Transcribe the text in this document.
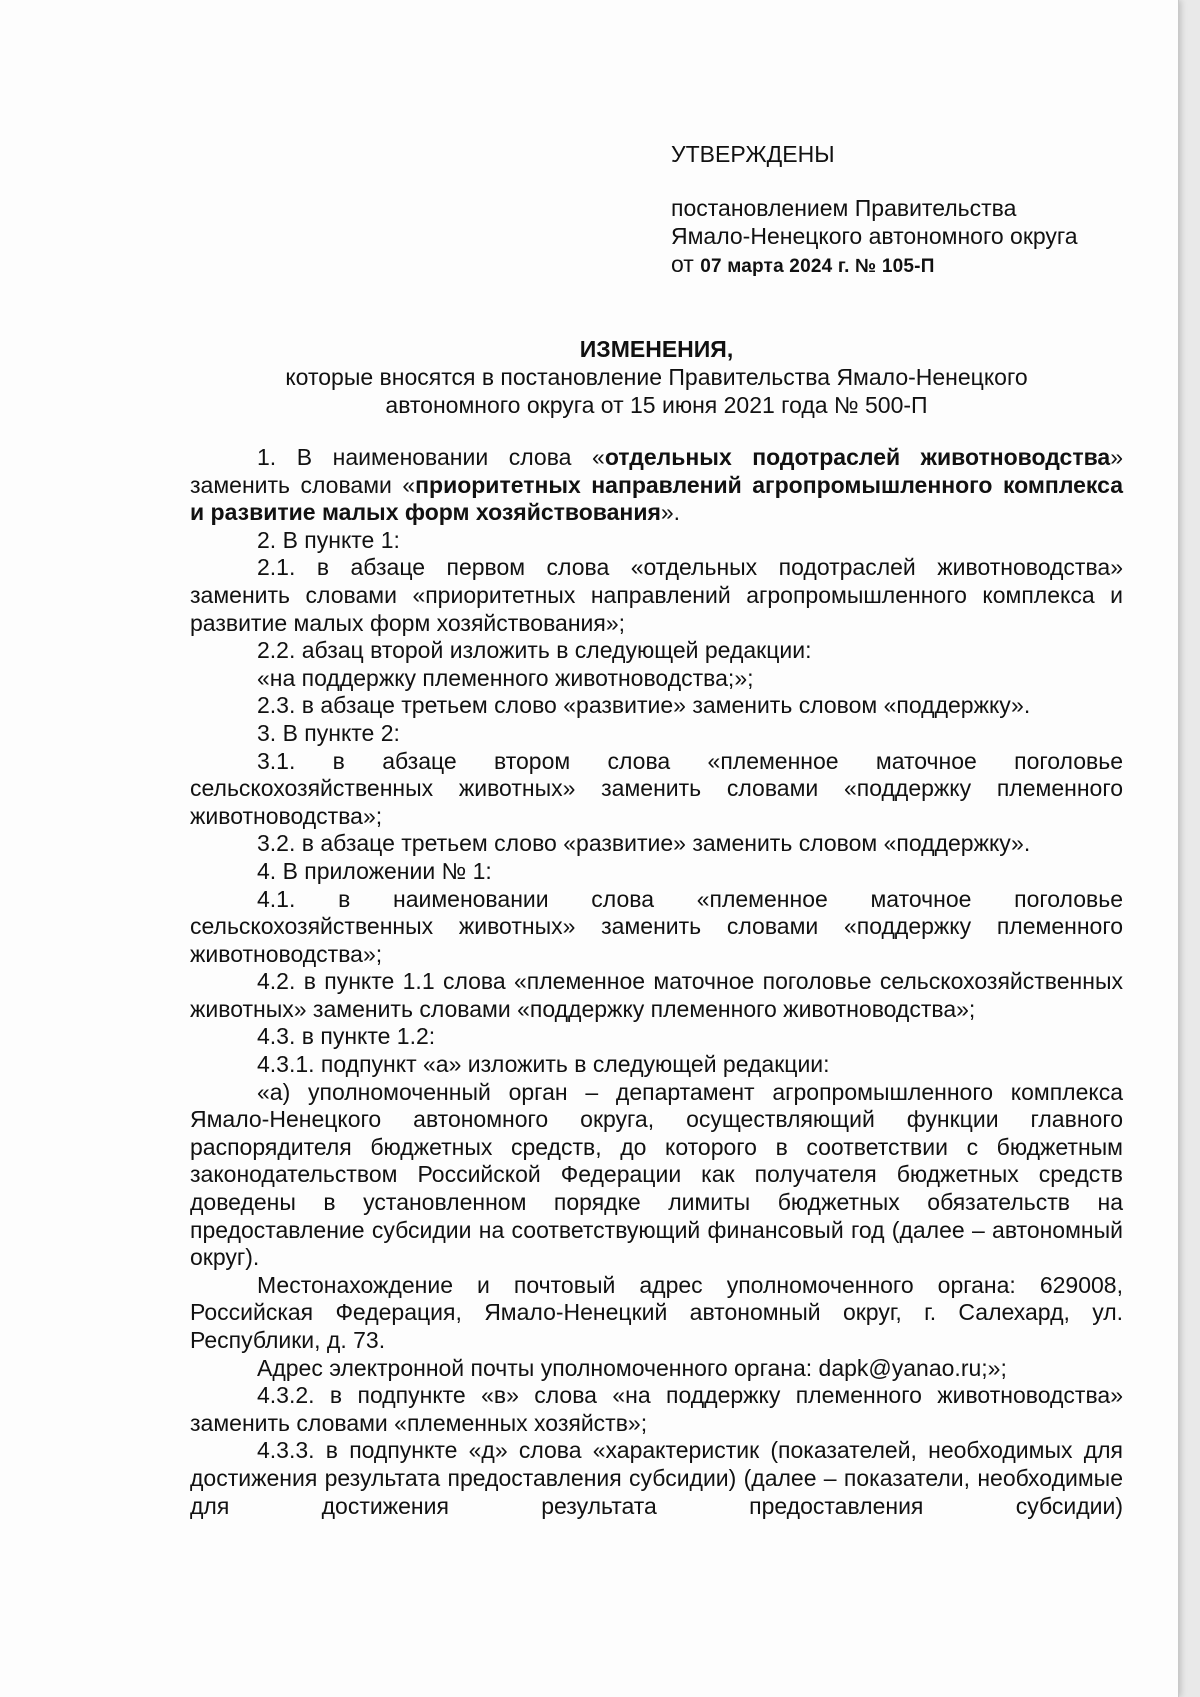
УТВЕРЖДЕНЫ
постановлением Правительства
Ямало-Ненецкого автономного округа
от 07 марта 2024 г. № 105-П
ИЗМЕНЕНИЯ,
которые вносятся в постановление Правительства Ямало-Ненецкого
автономного округа от 15 июня 2021 года № 500-П

1. В наименовании слова «отдельных подотраслей животноводства» заменить словами «приоритетных направлений агропромышленного комплекса и развитие малых форм хозяйствования».

2. В пункте 1:

2.1. в абзаце первом слова «отдельных подотраслей животноводства» заменить словами «приоритетных направлений агропромышленного комплекса и развитие малых форм хозяйствования»;

2.2. абзац второй изложить в следующей редакции:

«на поддержку племенного животноводства;»;

2.3. в абзаце третьем слово «развитие» заменить словом «поддержку».

3. В пункте 2:

3.1. в абзаце втором слова «племенное маточное поголовье сельскохозяйственных животных» заменить словами «поддержку племенного животноводства»;

3.2. в абзаце третьем слово «развитие» заменить словом «поддержку».

4. В приложении № 1:

4.1. в наименовании слова «племенное маточное поголовье сельскохозяйственных животных» заменить словами «поддержку племенного животноводства»;

4.2. в пункте 1.1 слова «племенное маточное поголовье сельскохозяйственных животных» заменить словами «поддержку племенного животноводства»;

4.3. в пункте 1.2:

4.3.1. подпункт «а» изложить в следующей редакции:

«а) уполномоченный орган – департамент агропромышленного комплекса Ямало-Ненецкого автономного округа, осуществляющий функции главного распорядителя бюджетных средств, до которого в соответствии с бюджетным законодательством Российской Федерации как получателя бюджетных средств доведены в установленном порядке лимиты бюджетных обязательств на предоставление субсидии на соответствующий финансовый год (далее – автономный округ).

Местонахождение и почтовый адрес уполномоченного органа: 629008, Российская Федерация, Ямало-Ненецкий автономный округ, г. Салехард, ул. Республики, д. 73.

Адрес электронной почты уполномоченного органа: dapk@yanao.ru;»;

4.3.2. в подпункте «в» слова «на поддержку племенного животноводства» заменить словами «племенных хозяйств»;

4.3.3. в подпункте «д» слова «характеристик (показателей, необходимых для достижения результата предоставления субсидии) (далее – показатели, необходимые для достижения результата предоставления субсидии)
